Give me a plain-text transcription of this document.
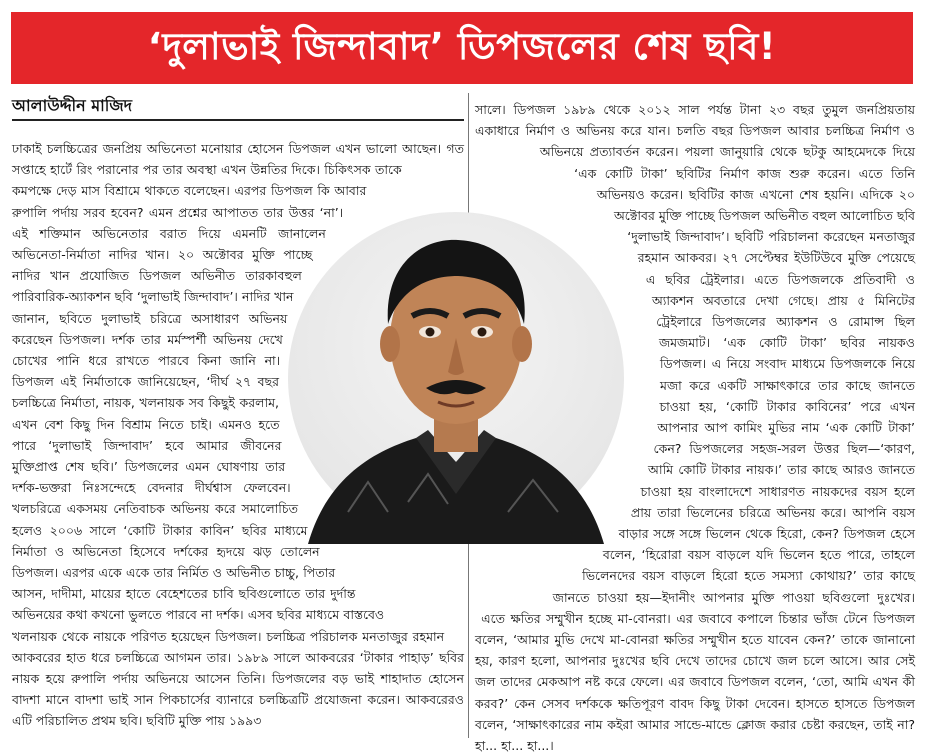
‘দুলাভাই জিন্দাবাদ’ ডিপজলের শেষ ছবি!
আলাউদ্দীন মাজিদ

ঢাকাই চলচ্চিত্রের জনপ্রিয় অভিনেতা মনোয়ার হোসেন ডিপজল এখন ভালো আছেন। গত সপ্তাহে হার্টে রিং পরানোর পর তার অবস্থা এখন উন্নতির দিকে। চিকিৎসক তাকে কমপক্ষে দেড় মাস বিশ্রামে থাকতে বলেছেন। এরপর ডিপজল কি আবার রুপালি পর্দায় সরব হবেন? এমন প্রশ্নের আপাতত তার উত্তর ‘না’। এই শক্তিমান অভিনেতার বরাত দিয়ে এমনটি জানালেন অভিনেতা-নির্মাতা নাদির খান। ২০ অক্টোবর মুক্তি পাচ্ছে নাদির খান প্রযোজিত ডিপজল অভিনীত তারকাবহুল পারিবারিক-অ্যাকশন ছবি ‘দুলাভাই জিন্দাবাদ’। নাদির খান জানান, ছবিতে দুলাভাই চরিত্রে অসাধারণ অভিনয় করেছেন ডিপজল। দর্শক তার মর্মস্পর্শী অভিনয় দেখে চোখের পানি ধরে রাখতে পারবে কিনা জানি না। ডিপজল এই নির্মাতাকে জানিয়েছেন, ‘দীর্ঘ ২৭ বছর চলচ্চিত্রে নির্মাতা, নায়ক, খলনায়ক সব কিছুই করলাম, এখন বেশ কিছু দিন বিশ্রাম নিতে চাই। এমনও হতে পারে ‘দুলাভাই জিন্দাবাদ’ হবে আমার জীবনের মুক্তিপ্রাপ্ত শেষ ছবি।’ ডিপজলের এমন ঘোষণায় তার দর্শক-ভক্তরা নিঃসন্দেহে বেদনার দীর্ঘশ্বাস ফেলবেন। খলচরিত্রে একসময় নেতিবাচক অভিনয় করে সমালোচিত হলেও ২০০৬ সালে ‘কোটি টাকার কাবিন’ ছবির মাধ্যমে নির্মাতা ও অভিনেতা হিসেবে দর্শকের হৃদয়ে ঝড় তোলেন ডিপজল। এরপর একে একে তার নির্মিত ও অভিনীত চাচ্চু, পিতার আসন, দাদীমা, মায়ের হাতে বেহেশতের চাবি ছবিগুলোতে তার দুর্দান্ত অভিনয়ের কথা কখনো ভুলতে পারবে না দর্শক। এসব ছবির মাধ্যমে বাস্তবেও খলনায়ক থেকে নায়কে পরিণত হয়েছেন ডিপজল। চলচ্চিত্র পরিচালক মনতাজুর রহমান আকবরের হাত ধরে চলচ্চিত্রে আগমন তার। ১৯৮৯ সালে আকবরের ‘টাকার পাহাড়’ ছবির নায়ক হয়ে রুপালি পর্দায় অভিনয়ে আসেন তিনি। ডিপজলের বড় ভাই শাহাদাত হোসেন বাদশা মানে বাদশা ভাই সান পিকচার্সের ব্যানারে চলচ্চিত্রটি প্রযোজনা করেন। আকবরেরও এটি পরিচালিত প্রথম ছবি। ছবিটি মুক্তি পায় ১৯৯৩

সালে। ডিপজল ১৯৮৯ থেকে ২০১২ সাল পর্যন্ত টানা ২৩ বছর তুমুল জনপ্রিয়তায় একাধারে নির্মাণ ও অভিনয় করে যান। চলতি বছর ডিপজল আবার চলচ্চিত্র নির্মাণ ও অভিনয়ে প্রত্যাবর্তন করেন। পয়লা জানুয়ারি থেকে ছটকু আহমেদকে দিয়ে ‘এক কোটি টাকা’ ছবিটির নির্মাণ কাজ শুরু করেন। এতে তিনি অভিনয়ও করেন। ছবিটির কাজ এখনো শেষ হয়নি। এদিকে ২০ অক্টোবর মুক্তি পাচ্ছে ডিপজল অভিনীত বহুল আলোচিত ছবি ‘দুলাভাই জিন্দাবাদ’। ছবিটি পরিচালনা করেছেন মনতাজুর রহমান আকবর। ২৭ সেপ্টেম্বর ইউটিউবে মুক্তি পেয়েছে এ ছবির ট্রেইলার। এতে ডিপজলকে প্রতিবাদী ও অ্যাকশন অবতারে দেখা গেছে। প্রায় ৫ মিনিটের ট্রেইলারে ডিপজলের অ্যাকশন ও রোমান্স ছিল জমজমাট। ‘এক কোটি টাকা’ ছবির নায়কও ডিপজল। এ নিয়ে সংবাদ মাধ্যমে ডিপজলকে নিয়ে মজা করে একটি সাক্ষাৎকারে তার কাছে জানতে চাওয়া হয়, ‘কোটি টাকার কাবিনের’ পরে এখন আপনার আপ কামিং মুভির নাম ‘এক কোটি টাকা’ কেন? ডিপজলের সহজ-সরল উত্তর ছিল—‘কারণ, আমি কোটি টাকার নায়ক।’ তার কাছে আরও জানতে চাওয়া হয় বাংলাদেশে সাধারণত নায়কদের বয়স হলে প্রায় তারা ভিলেনের চরিত্রে অভিনয় করে। আপনি বয়স বাড়ার সঙ্গে সঙ্গে ভিলেন থেকে হিরো, কেন? ডিপজল হেসে বলেন, ‘হিরোরা বয়স বাড়লে যদি ভিলেন হতে পারে, তাহলে ভিলেনদের বয়স বাড়লে হিরো হতে সমস্যা কোথায়?’ তার কাছে জানতে চাওয়া হয়—ইদানীং আপনার মুক্তি পাওয়া ছবিগুলো দুঃখের। এতে ক্ষতির সম্মুখীন হচ্ছে মা-বোনরা। এর জবাবে কপালে চিন্তার ভাঁজ টেনে ডিপজল বলেন, ‘আমার মুভি দেখে মা-বোনরা ক্ষতির সম্মুখীন হতে যাবেন কেন?’ তাকে জানানো হয়, কারণ হলো, আপনার দুঃখের ছবি দেখে তাদের চোখে জল চলে আসে। আর সেই জল তাদের মেকআপ নষ্ট করে ফেলে। এর জবাবে ডিপজল বলেন, ‘তো, আমি এখন কী করব?’ কেন সেসব দর্শককে ক্ষতিপূরণ বাবদ কিছু টাকা দেবেন। হাসতে হাসতে ডিপজল বলেন, ‘সাক্ষাৎকারের নাম কইরা আমার সান্ডে-মান্ডে ক্লোজ করার চেষ্টা করছেন, তাই না? হা... হা... হা...।
